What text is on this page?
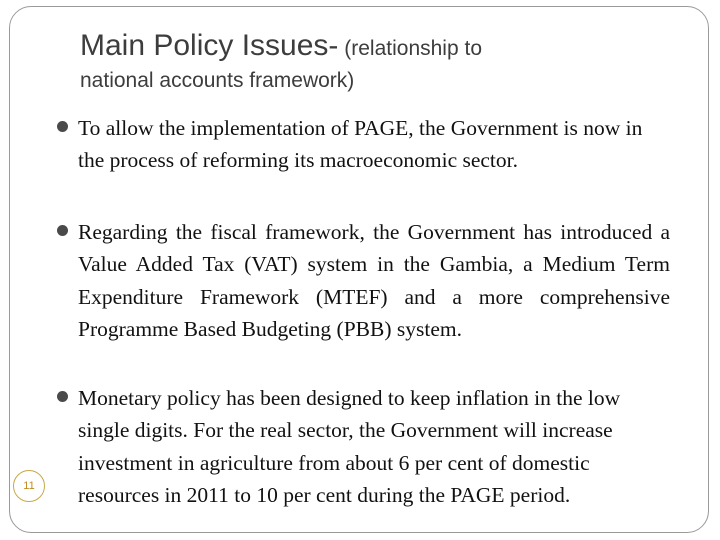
Main Policy Issues- (relationship to
national accounts framework)
To allow the implementation of PAGE, the Government is now in the process of reforming its macroeconomic sector.
Regarding the fiscal framework, the Government has introduced a Value Added Tax (VAT) system in the Gambia, a Medium Term Expenditure Framework (MTEF) and a more comprehensive Programme Based Budgeting (PBB) system.
Monetary policy has been designed to keep inflation in the low single digits. For the real sector, the Government will increase investment in agriculture from about 6 per cent of domestic resources in 2011 to 10 per cent during the PAGE period.
11
